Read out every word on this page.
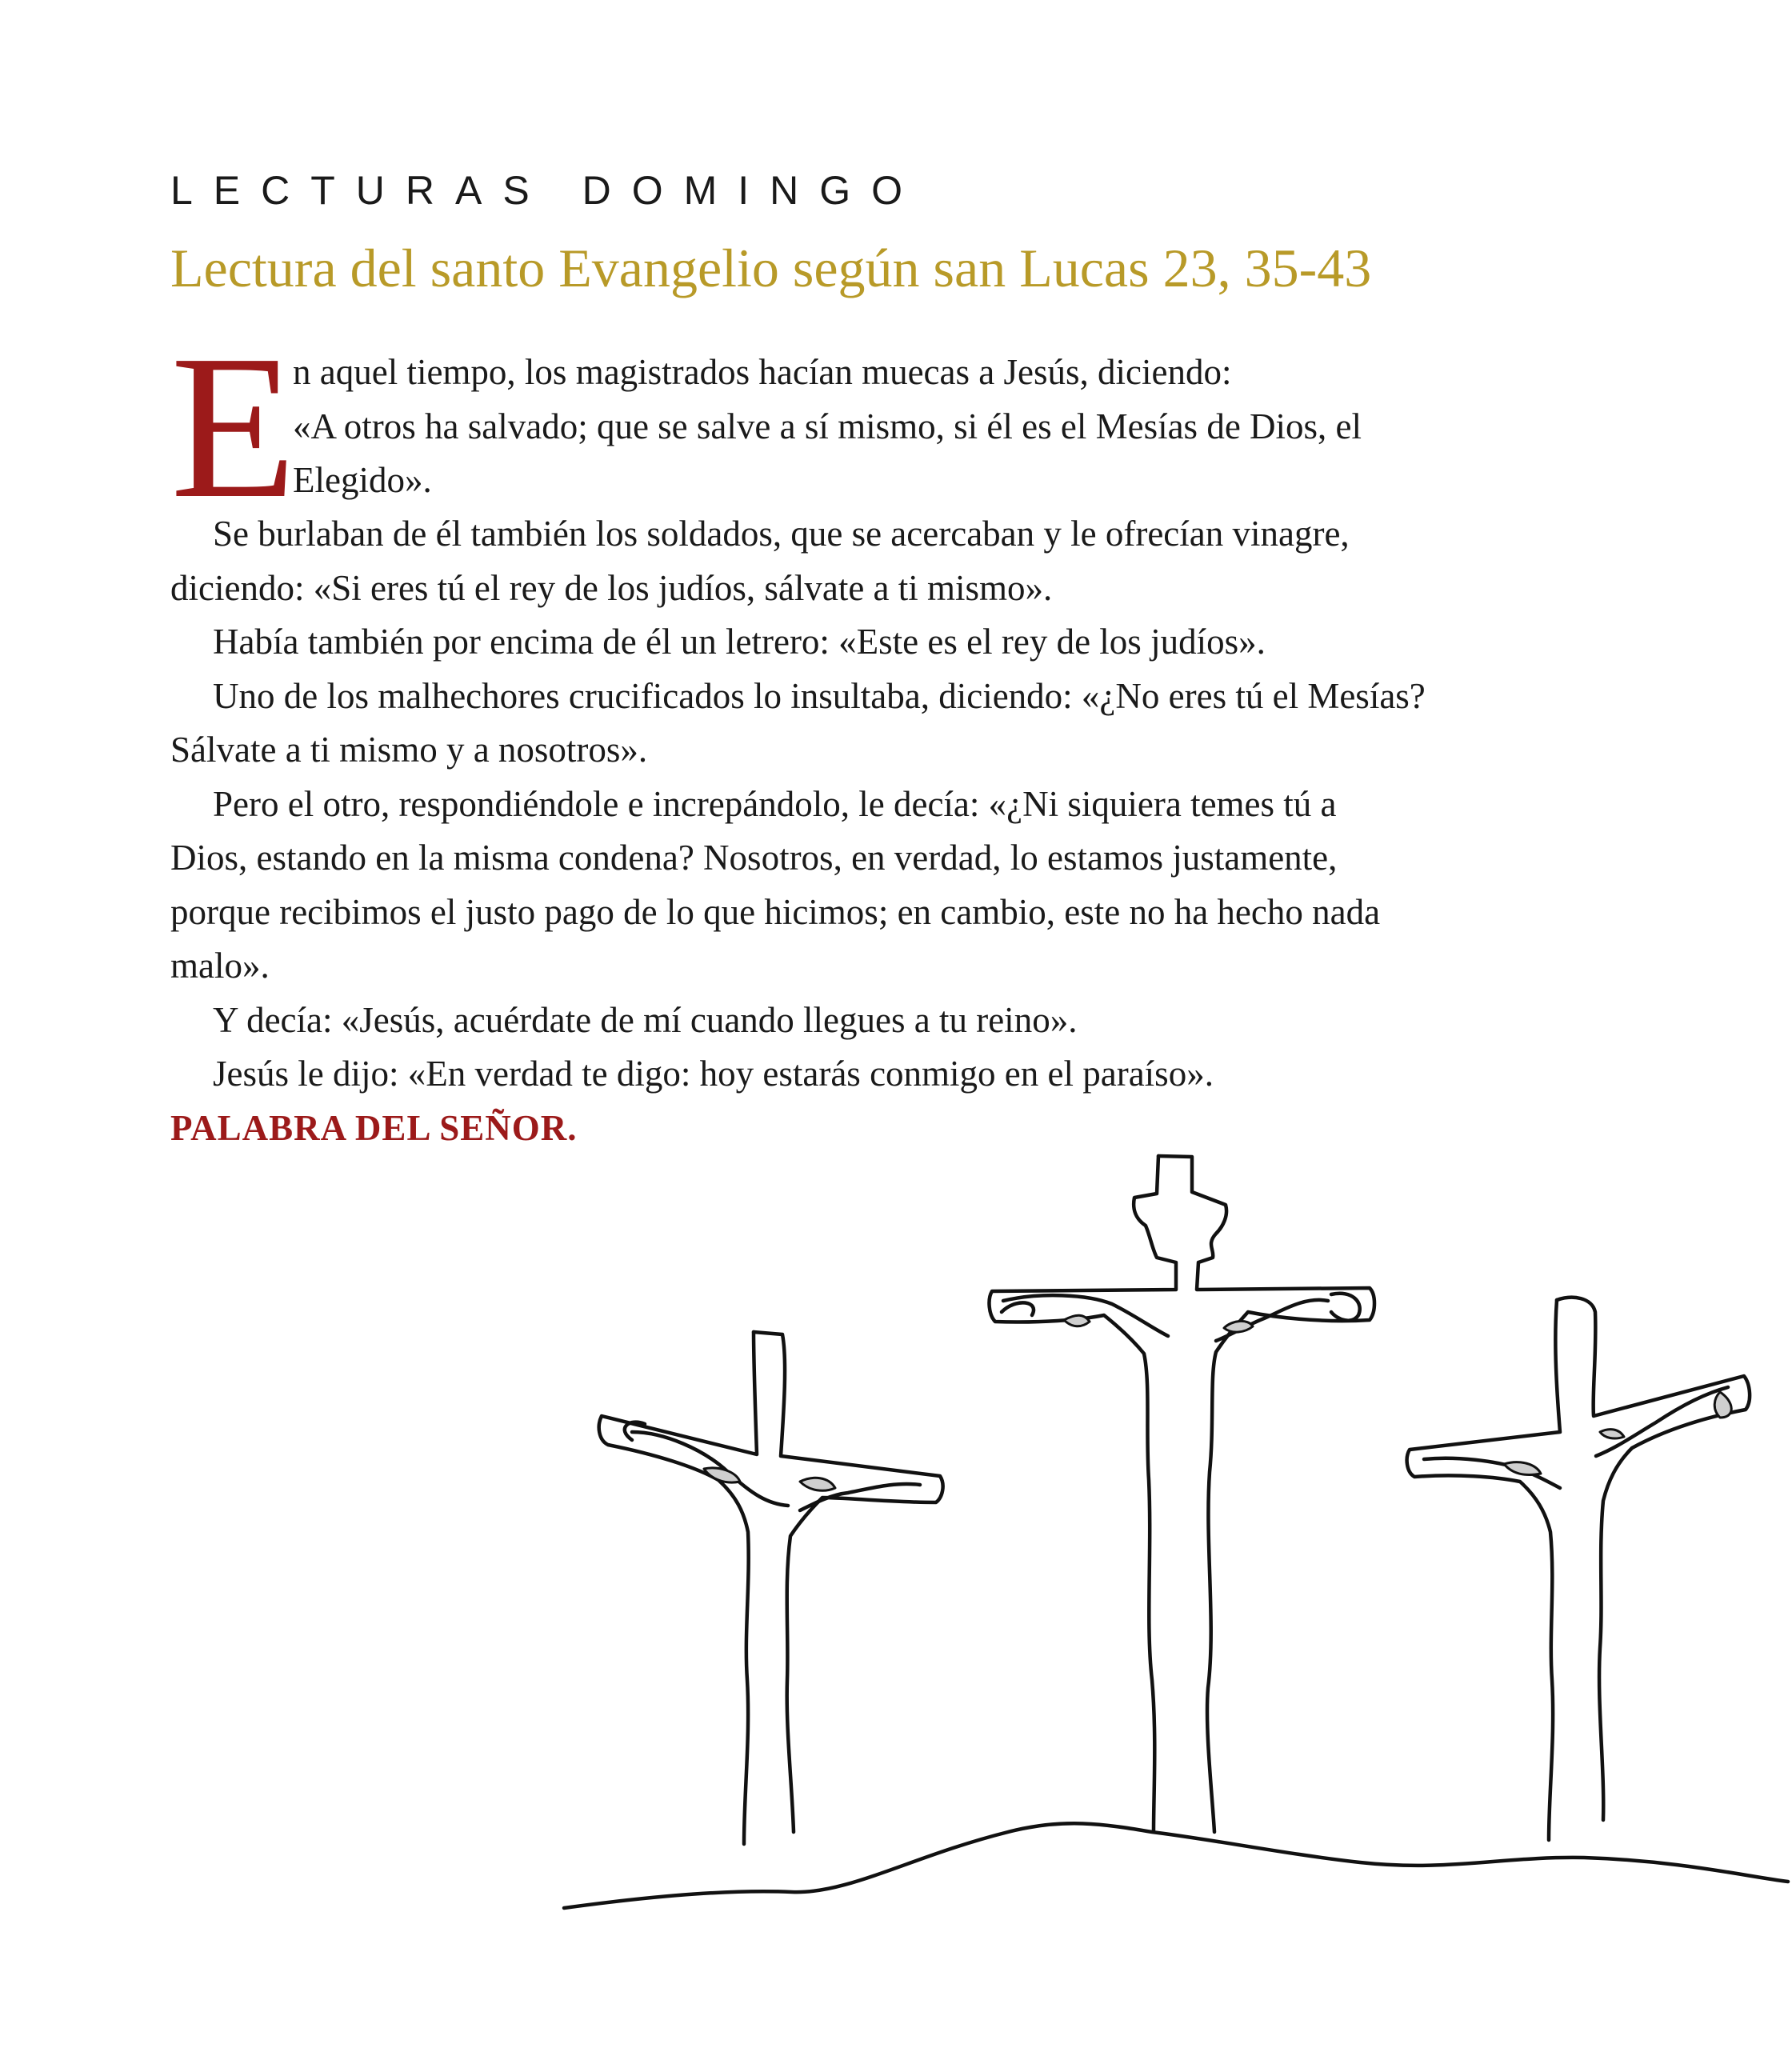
LECTURAS DOMINGO
Lectura del santo Evangelio según san Lucas 23, 35-43
E
n aquel tiempo, los magistrados hacían muecas a Jesús, diciendo:
«A otros ha salvado; que se salve a sí mismo, si él es el Mesías de Dios, el
Elegido».

Se burlaban de él también los soldados, que se acercaban y le ofrecían vinagre,

diciendo: «Si eres tú el rey de los judíos, sálvate a ti mismo».

Había también por encima de él un letrero: «Este es el rey de los judíos».

Uno de los malhechores crucificados lo insultaba, diciendo: «¿No eres tú el Mesías?

Sálvate a ti mismo y a nosotros».

Pero el otro, respondiéndole e increpándolo, le decía: «¿Ni siquiera temes tú a

Dios, estando en la misma condena? Nosotros, en verdad, lo estamos justamente,

porque recibimos el justo pago de lo que hicimos; en cambio, este no ha hecho nada

malo».

Y decía: «Jesús, acuérdate de mí cuando llegues a tu reino».

Jesús le dijo: «En verdad te digo: hoy estarás conmigo en el paraíso».

PALABRA DEL SEÑOR.
